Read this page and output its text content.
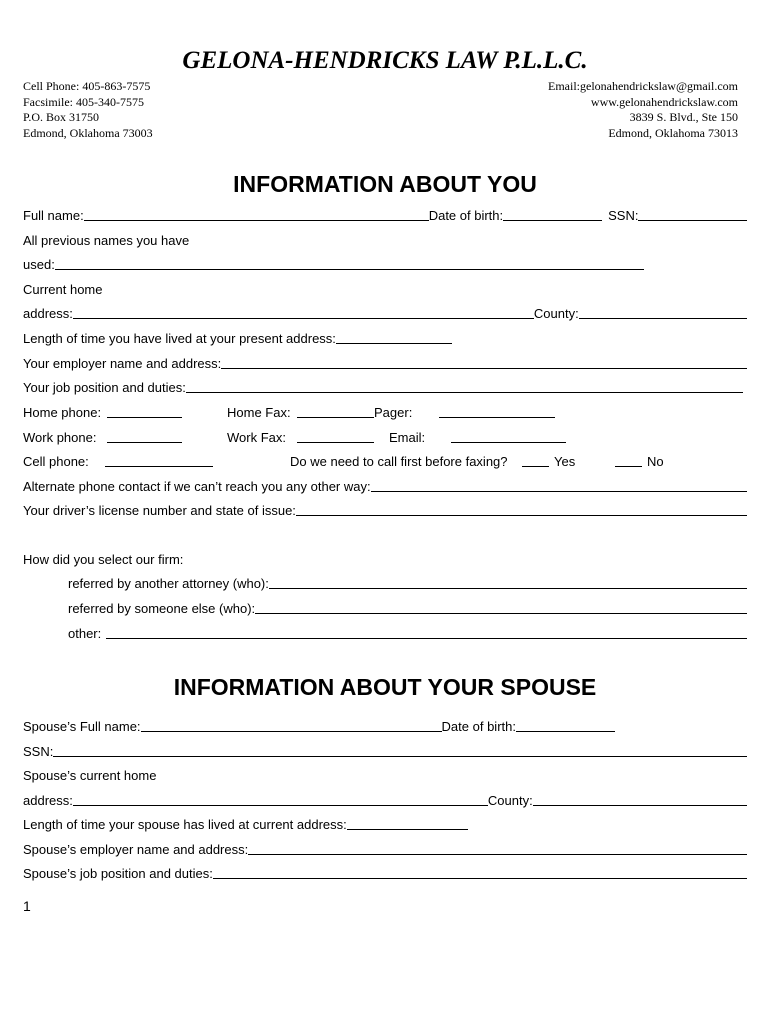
GELONA-HENDRICKS LAW P.L.L.C.
Cell Phone: 405-863-7575
Facsimile: 405-340-7575
P.O. Box 31750
Edmond, Oklahoma 73003
Email:gelonahendrickslaw@gmail.com
www.gelonahendrickslaw.com
3839 S. Blvd., Ste 150
Edmond, Oklahoma 73013
INFORMATION ABOUT YOU
Full name:	Date of birth:	SSN:
All previous names you have
used:
Current home
address:	County:
Length of time you have lived at your present address:
Your employer name and address:
Your job position and duties:
Home phone:	Home Fax:	Pager:
Work phone:	Work Fax:	Email:
Cell phone:	Do we need to call first before faxing?	Yes	No
Alternate phone contact if we can’t reach you any other way:
Your driver’s license number and state of issue:
How did you select our firm:
referred by another attorney (who):
referred by someone else (who):
other:
INFORMATION ABOUT YOUR SPOUSE
Spouse’s Full name:	Date of birth:
SSN:
Spouse’s current home
address:	County:
Length of time your spouse has lived at current address:
Spouse’s employer name and address:
Spouse’s job position and duties:
1
